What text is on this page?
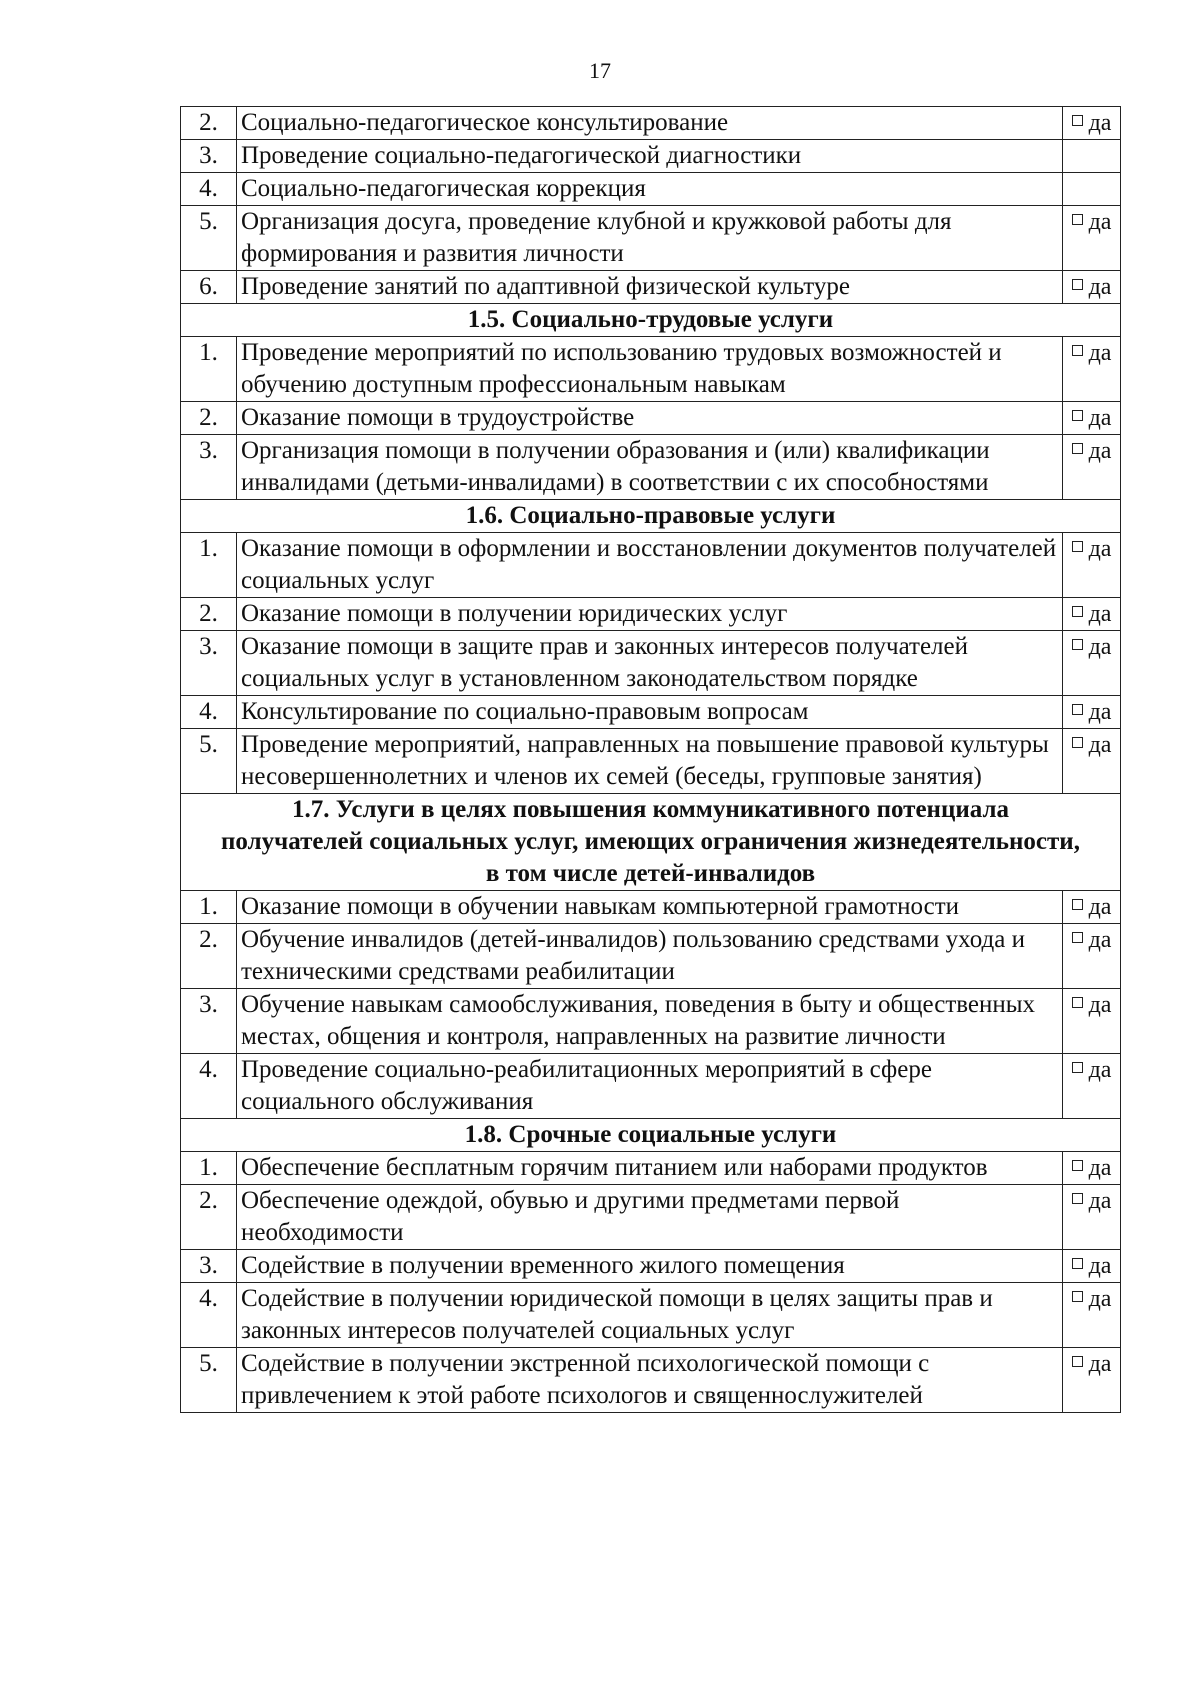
17
2.	Социально-педагогическое консультирование	да
3.	Проведение социально-педагогической диагностики	
4.	Социально-педагогическая коррекция	
5.	Организация досуга, проведение клубной и кружковой работы для формирования и развития личности	да
6.	Проведение занятий по адаптивной физической культуре	да
1.5. Социально-трудовые услуги		
1.	Проведение мероприятий по использованию трудовых возможностей и обучению доступным профессиональным навыкам	да
2.	Оказание помощи в трудоустройстве	да
3.	Организация помощи в получении образования и (или) квалификации инвалидами (детьми-инвалидами) в соответствии с их способностями	да
1.6. Социально-правовые услуги		
1.	Оказание помощи в оформлении и восстановлении документов получателей социальных услуг	да
2.	Оказание помощи в получении юридических услуг	да
3.	Оказание помощи в защите прав и законных интересов получателей социальных услуг в установленном законодательством порядке	да
4.	Консультирование по социально-правовым вопросам	да
5.	Проведение мероприятий, направленных на повышение правовой культуры несовершеннолетних и членов их семей (беседы, групповые занятия)	да
1.7. Услуги в целях повышения коммуникативного потенциала получателей социальных услуг, имеющих ограничения жизнедеятельности, в том числе детей-инвалидов		
1.	Оказание помощи в обучении навыкам компьютерной грамотности	да
2.	Обучение инвалидов (детей-инвалидов) пользованию средствами ухода и техническими средствами реабилитации	да
3.	Обучение навыкам самообслуживания, поведения в быту и общественных местах, общения и контроля, направленных на развитие личности	да
4.	Проведение социально-реабилитационных мероприятий в сфере социального обслуживания	да
1.8. Срочные социальные услуги		
1.	Обеспечение бесплатным горячим питанием или наборами продуктов	да
2.	Обеспечение одеждой, обувью и другими предметами первой необходимости	да
3.	Содействие в получении временного жилого помещения	да
4.	Содействие в получении юридической помощи в целях защиты прав и законных интересов получателей социальных услуг	да
5.	Содействие в получении экстренной психологической помощи с привлечением к этой работе психологов и священнослужителей	да
